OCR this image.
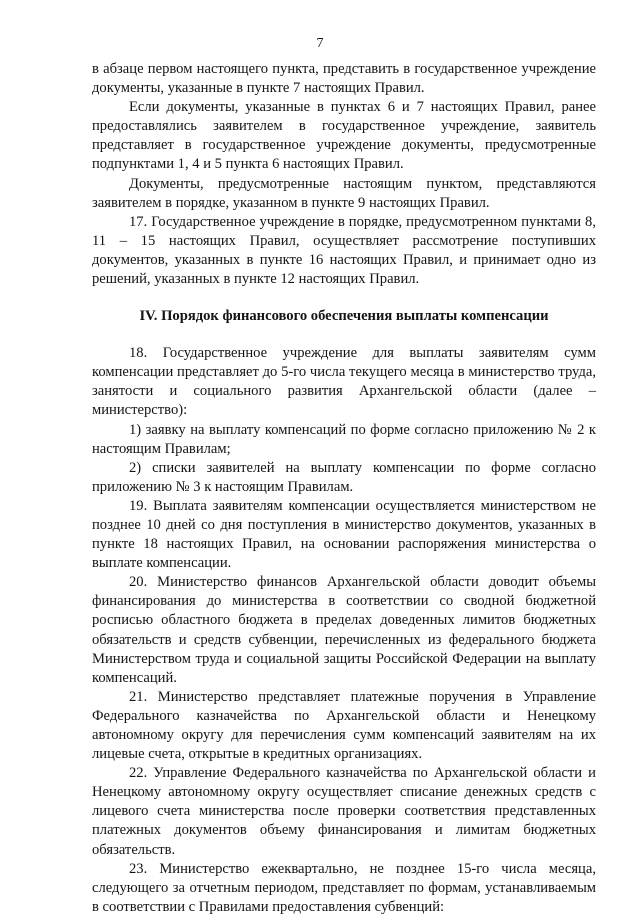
7

в абзаце первом настоящего пункта, представить в государственное учреждение документы, указанные в пункте 7 настоящих Правил.

Если документы, указанные в пунктах 6 и 7 настоящих Правил, ранее предоставлялись заявителем в государственное учреждение, заявитель представляет в государственное учреждение документы, предусмотренные подпунктами 1, 4 и 5 пункта 6 настоящих Правил.

Документы, предусмотренные настоящим пунктом, представляются заявителем в порядке, указанном в пункте 9 настоящих Правил.

17. Государственное учреждение в порядке, предусмотренном пунктами 8, 11 – 15 настоящих Правил, осуществляет рассмотрение поступивших документов, указанных в пункте 16 настоящих Правил, и принимает одно из решений, указанных в пункте 12 настоящих Правил.

IV. Порядок финансового обеспечения выплаты компенсации

18. Государственное учреждение для выплаты заявителям сумм компенсации представляет до 5-го числа текущего месяца в министерство труда, занятости и социального развития Архангельской области (далее – министерство):

1) заявку на выплату компенсаций по форме согласно приложению № 2 к настоящим Правилам;

2) списки заявителей на выплату компенсации по форме согласно приложению № 3 к настоящим Правилам.

19. Выплата заявителям компенсации осуществляется министерством не позднее 10 дней со дня поступления в министерство документов, указанных в пункте 18 настоящих Правил, на основании распоряжения министерства о выплате компенсации.

20. Министерство финансов Архангельской области доводит объемы финансирования до министерства в соответствии со сводной бюджетной росписью областного бюджета в пределах доведенных лимитов бюджетных обязательств и средств субвенции, перечисленных из федерального бюджета Министерством труда и социальной защиты Российской Федерации на выплату компенсаций.

21. Министерство представляет платежные поручения в Управление Федерального казначейства по Архангельской области и Ненецкому автономному округу для перечисления сумм компенсаций заявителям на их лицевые счета, открытые в кредитных организациях.

22. Управление Федерального казначейства по Архангельской области и Ненецкому автономному округу осуществляет списание денежных средств с лицевого счета министерства после проверки соответствия представленных платежных документов объему финансирования и лимитам бюджетных обязательств.

23. Министерство ежеквартально, не позднее 15-го числа месяца, следующего за отчетным периодом, представляет по формам, устанавливаемым в соответствии с Правилами предоставления субвенций:
